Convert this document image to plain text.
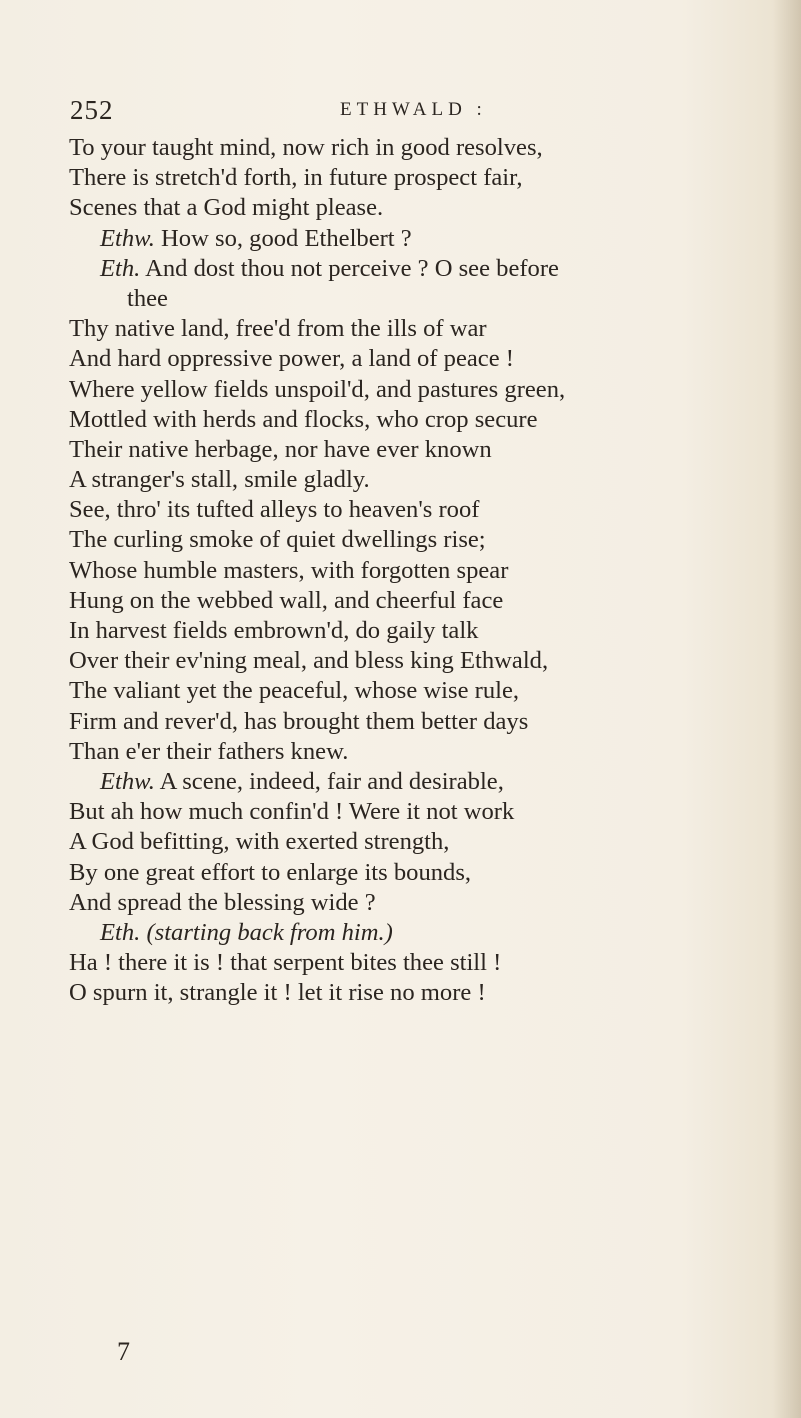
252	ETHWALD :
To your taught mind, now rich in good resolves,
There is stretch'd forth, in future prospect fair,
Scenes that a God might please.
Ethw. How so, good Ethelbert ?
Eth. And dost thou not perceive ? O see before
thee
Thy native land, free'd from the ills of war
And hard oppressive power, a land of peace !
Where yellow fields unspoil'd, and pastures green,
Mottled with herds and flocks, who crop secure
Their native herbage, nor have ever known
A stranger's stall, smile gladly.
See, thro' its tufted alleys to heaven's roof
The curling smoke of quiet dwellings rise;
Whose humble masters, with forgotten spear
Hung on the webbed wall, and cheerful face
In harvest fields embrown'd, do gaily talk
Over their ev'ning meal, and bless king Ethwald,
The valiant yet the peaceful, whose wise rule,
Firm and rever'd, has brought them better days
Than e'er their fathers knew.
Ethw. A scene, indeed, fair and desirable,
But ah how much confin'd ! Were it not work
A God befitting, with exerted strength,
By one great effort to enlarge its bounds,
And spread the blessing wide ?
Eth. (starting back from him.)
Ha ! there it is ! that serpent bites thee still !
O spurn it, strangle it ! let it rise no more !
7
